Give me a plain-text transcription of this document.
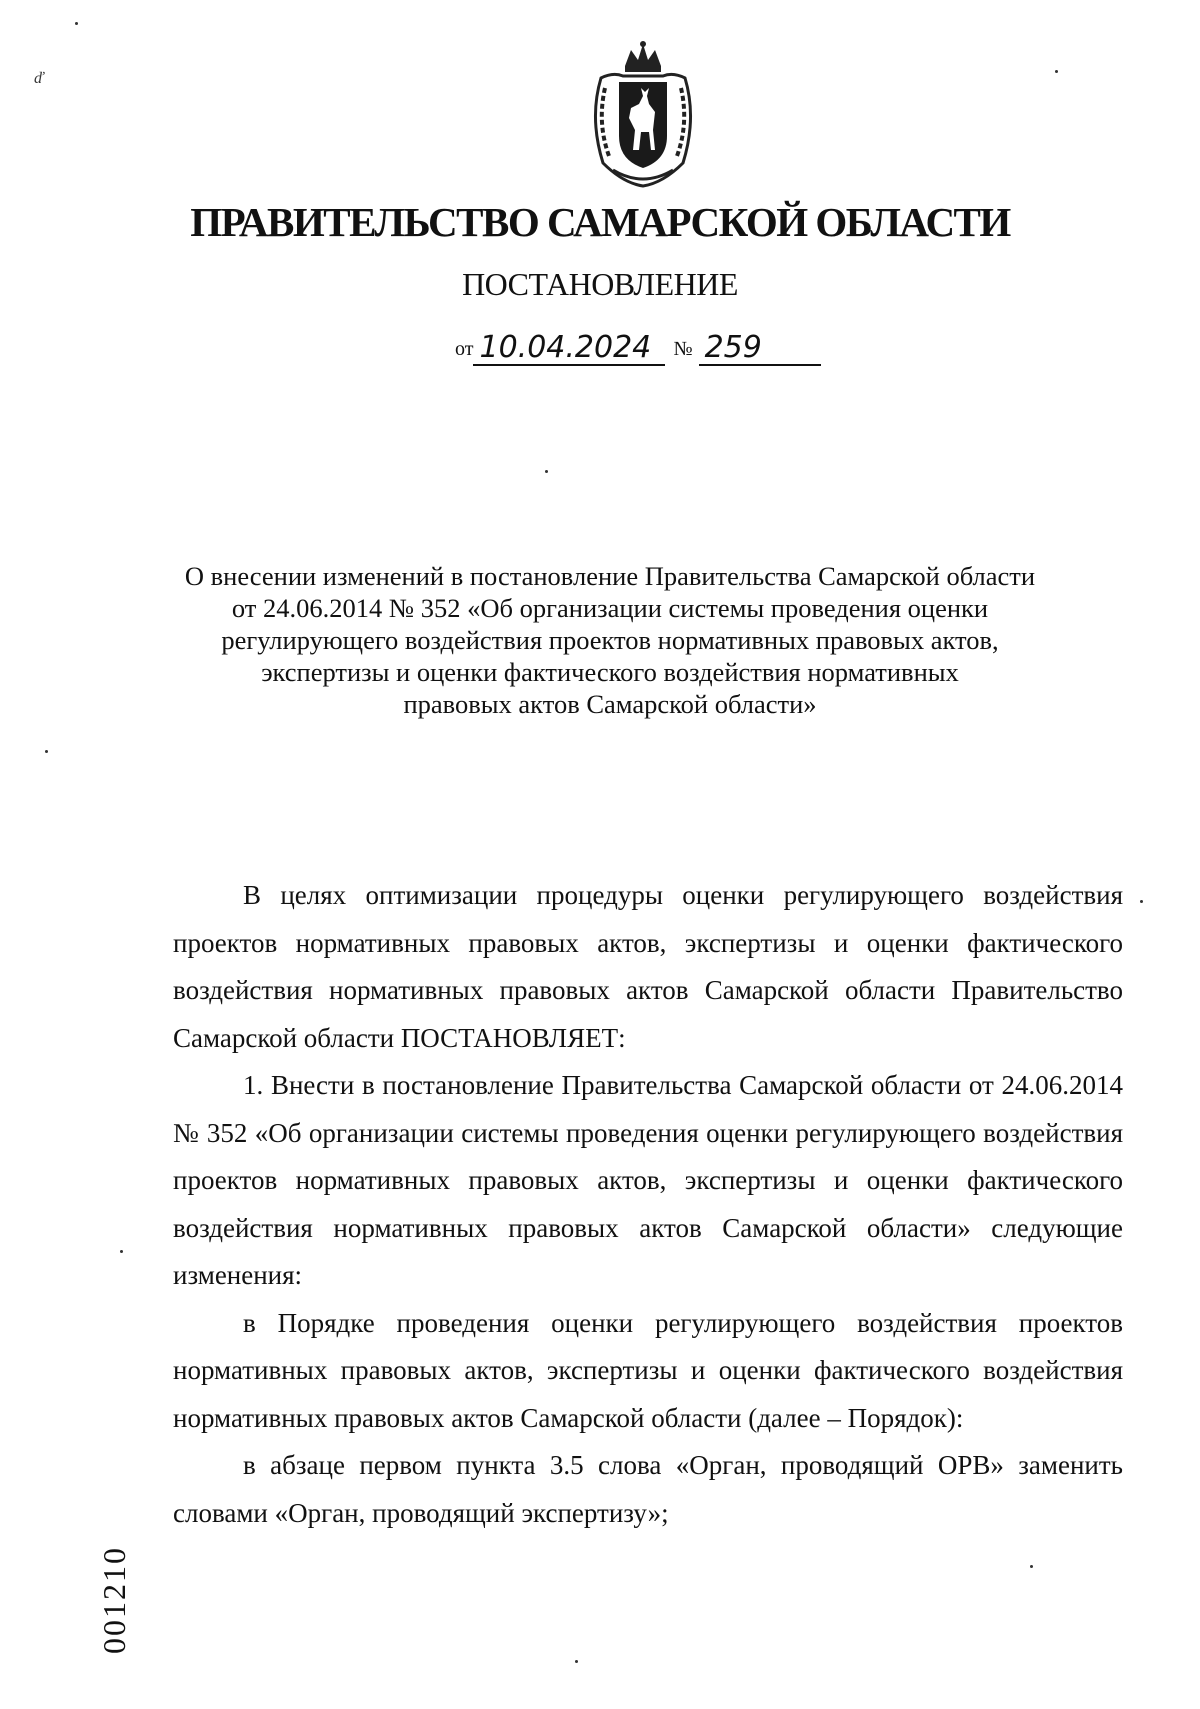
ď
ПРАВИТЕЛЬСТВО САМАРСКОЙ ОБЛАСТИ
ПОСТАНОВЛЕНИЕ
от 10.04.2024	№ 259
О внесении изменений в постановление Правительства Самарской области
от 24.06.2014 № 352 «Об организации системы проведения оценки
регулирующего воздействия проектов нормативных правовых актов,
экспертизы и оценки фактического воздействия нормативных
правовых актов Самарской области»

В целях оптимизации процедуры оценки регулирующего воздействия проектов нормативных правовых актов, экспертизы и оценки фактического воздействия нормативных правовых актов Самарской области Правительство Самарской области ПОСТАНОВЛЯЕТ:

1. Внести в постановление Правительства Самарской области от 24.06.2014 № 352 «Об организации системы проведения оценки регулирующего воздействия проектов нормативных правовых актов, экспертизы и оценки фактического воздействия нормативных правовых актов Самарской области» следующие изменения:

в Порядке проведения оценки регулирующего воздействия проектов нормативных правовых актов, экспертизы и оценки фактического воздействия нормативных правовых актов Самарской области (далее – Порядок):

в абзаце первом пункта 3.5 слова «Орган, проводящий ОРВ» заменить словами «Орган, проводящий экспертизу»;

001210
